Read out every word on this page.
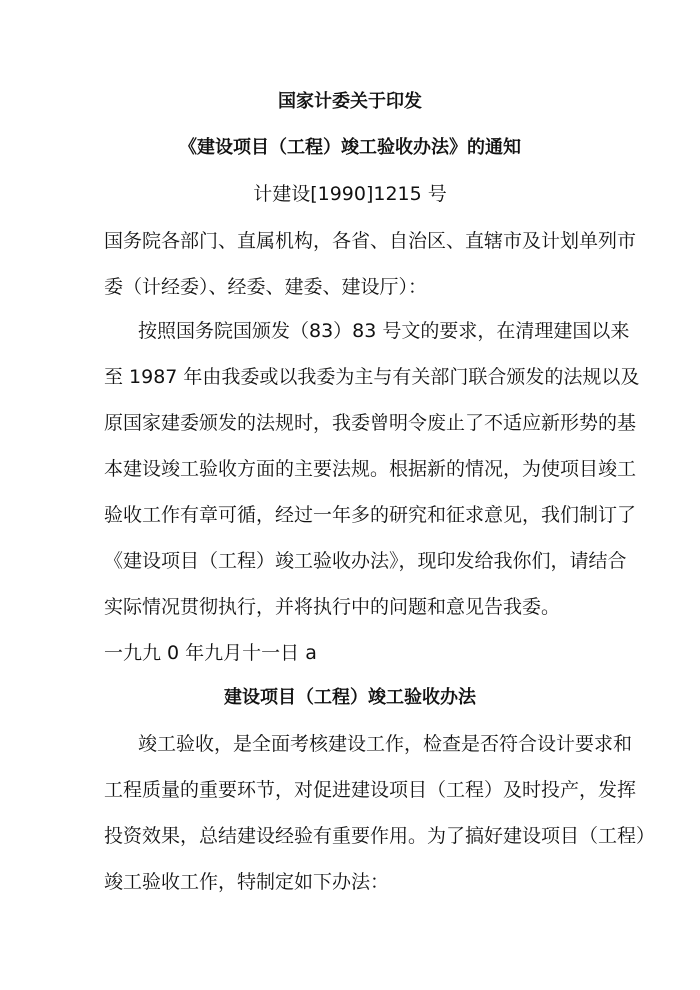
国家计委关于印发
《建设项目（工程）竣工验收办法》的通知
计建设[1990]1215 号
国务院各部门、直属机构，各省、自治区、直辖市及计划单列市
委（计经委）、经委、建委、建设厅）：
按照国务院国颁发（83）83 号文的要求，在清理建国以来
至 1987 年由我委或以我委为主与有关部门联合颁发的法规以及
原国家建委颁发的法规时，我委曾明令废止了不适应新形势的基
本建设竣工验收方面的主要法规。根据新的情况，为使项目竣工
验收工作有章可循，经过一年多的研究和征求意见，我们制订了
《建设项目（工程）竣工验收办法》，现印发给我你们，请结合
实际情况贯彻执行，并将执行中的问题和意见告我委。
一九九 0 年九月十一日 a
建设项目（工程）竣工验收办法
竣工验收，是全面考核建设工作，检查是否符合设计要求和
工程质量的重要环节，对促进建设项目（工程）及时投产，发挥
投资效果，总结建设经验有重要作用。为了搞好建设项目（工程）
竣工验收工作，特制定如下办法：
